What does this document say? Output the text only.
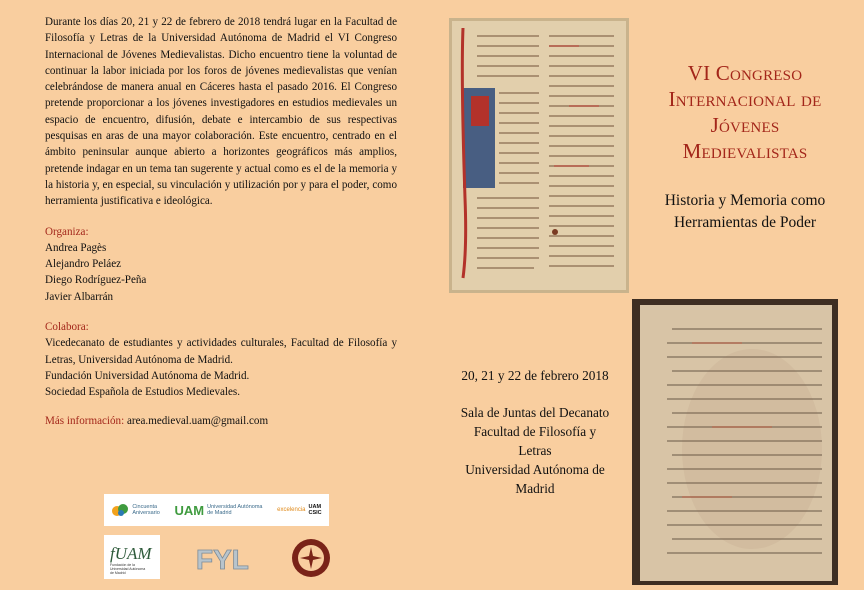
Durante los días 20, 21 y 22 de febrero de 2018 tendrá lugar en la Facultad de Filosofía y Letras de la Universidad Autónoma de Madrid el VI Congreso Internacional de Jóvenes Medievalistas. Dicho encuentro tiene la voluntad de continuar la labor iniciada por los foros de jóvenes medievalistas que venían celebrándose de manera anual en Cáceres hasta el pasado 2016. El Congreso pretende proporcionar a los jóvenes investigadores en estudios medievales un espacio de encuentro, difusión, debate e intercambio de sus respectivas pesquisas en aras de una mayor colaboración. Este encuentro, centrado en el ámbito peninsular aunque abierto a horizontes geográficos más amplios, pretende indagar en un tema tan sugerente y actual como es el de la memoria y la historia y, en especial, su vinculación y utilización por y para el poder, como herramienta justificativa e ideológica.

Organiza:
Andrea Pagès
Alejandro Peláez
Diego Rodríguez-Peña
Javier Albarrán
Colabora:
Vicedecanato de estudiantes y actividades culturales, Facultad de Filosofía y Letras, Universidad Autónoma de Madrid.
Fundación Universidad Autónoma de Madrid.
Sociedad Española de Estudios Medievales.
Más información: area.medieval.uam@gmail.com
Cincuenta
Aniversario UAM Universidad Autónoma
de Madrid	excelencia UAM
CSIC
fUAM
Fundación de la
Universidad Autónoma
de Madrid	FYL
VI Congreso
Internacional de
Jóvenes
Medievalistas
Historia y Memoria como
Herramientas de Poder
20, 21 y 22 de febrero 2018
Sala de Juntas del Decanato
Facultad de Filosofía y
Letras
Universidad Autónoma de
Madrid
